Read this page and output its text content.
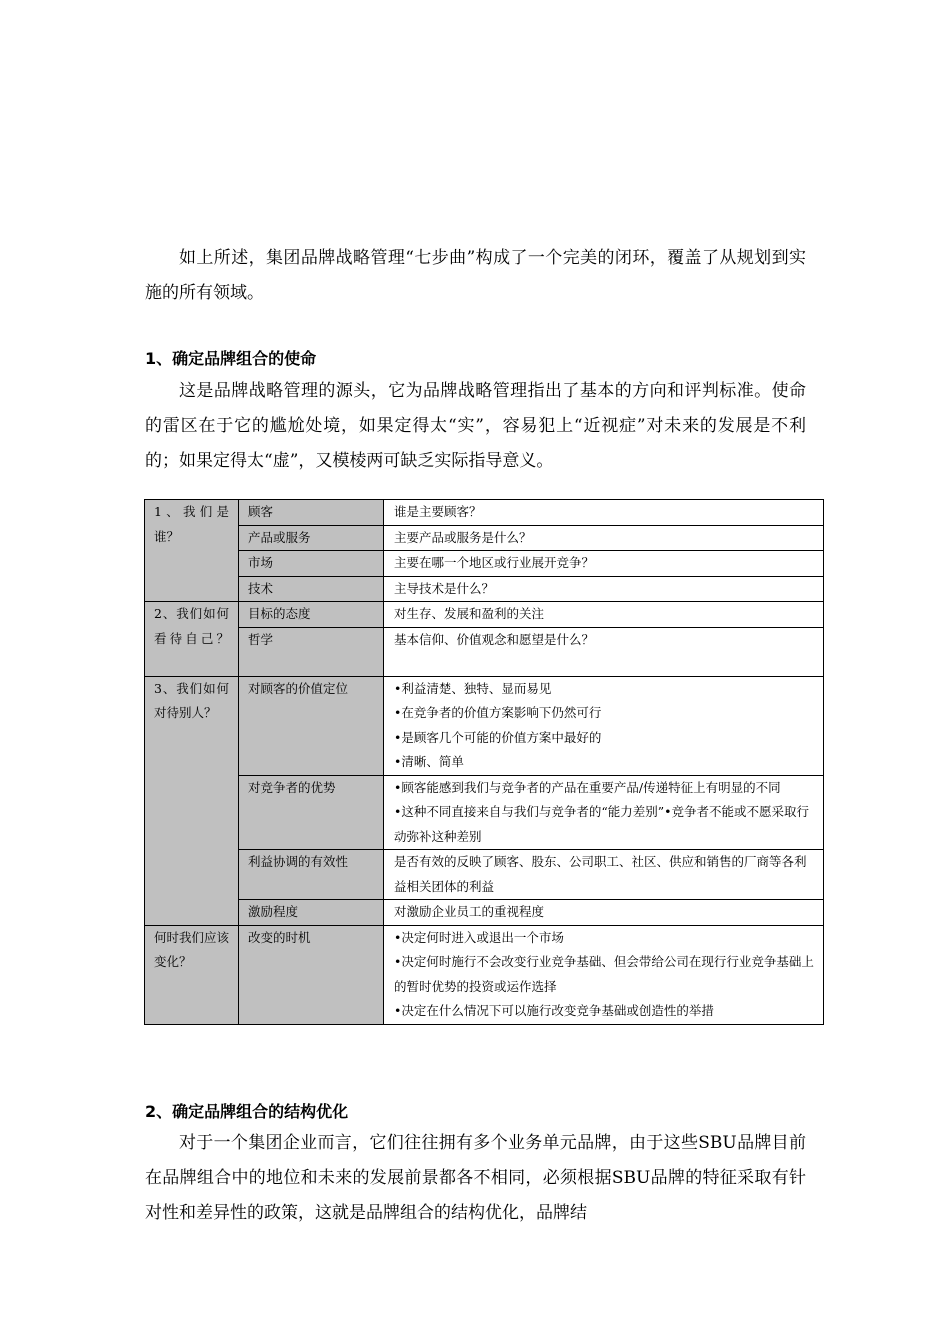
如上所述，集团品牌战略管理“七步曲”构成了一个完美的闭环，覆盖了从规划到实施的所有领域。

1、确定品牌组合的使命

这是品牌战略管理的源头，它为品牌战略管理指出了基本的方向和评判标准。使命的雷区在于它的尴尬处境，如果定得太“实”，容易犯上“近视症”对未来的发展是不利的；如果定得太“虚”，又模棱两可缺乏实际指导意义。

1、我们是谁？	顾客	谁是主要顾客？

	产品或服务	主要产品或服务是什么？

	市场	主要在哪一个地区或行业展开竞争？

	技术	主导技术是什么？

2、我们如何看待自己？	目标的态度	对生存、发展和盈利的关注

	哲学	基本信仰、价值观念和愿望是什么？

3、我们如何对待别人？	对顾客的价值定位	•利益清楚、独特、显而易见
•在竞争者的价值方案影响下仍然可行
•是顾客几个可能的价值方案中最好的
•清晰、简单

	对竞争者的优势	•顾客能感到我们与竞争者的产品在重要产品/传递特征上有明显的不同
•这种不同直接来自与我们与竞争者的“能力差别”•竞争者不能或不愿采取行动弥补这种差别

	利益协调的有效性	是否有效的反映了顾客、股东、公司职工、社区、供应和销售的厂商等各利益相关团体的利益

	激励程度	对激励企业员工的重视程度

何时我们应该变化？	改变的时机	•决定何时进入或退出一个市场
•决定何时施行不会改变行业竞争基础、但会带给公司在现行行业竞争基础上的暂时优势的投资或运作选择
•决定在什么情况下可以施行改变竞争基础或创造性的举措
2、确定品牌组合的结构优化

对于一个集团企业而言，它们往往拥有多个业务单元品牌，由于这些SBU品牌目前在品牌组合中的地位和未来的发展前景都各不相同，必须根据SBU品牌的特征采取有针对性和差异性的政策，这就是品牌组合的结构优化，品牌结
